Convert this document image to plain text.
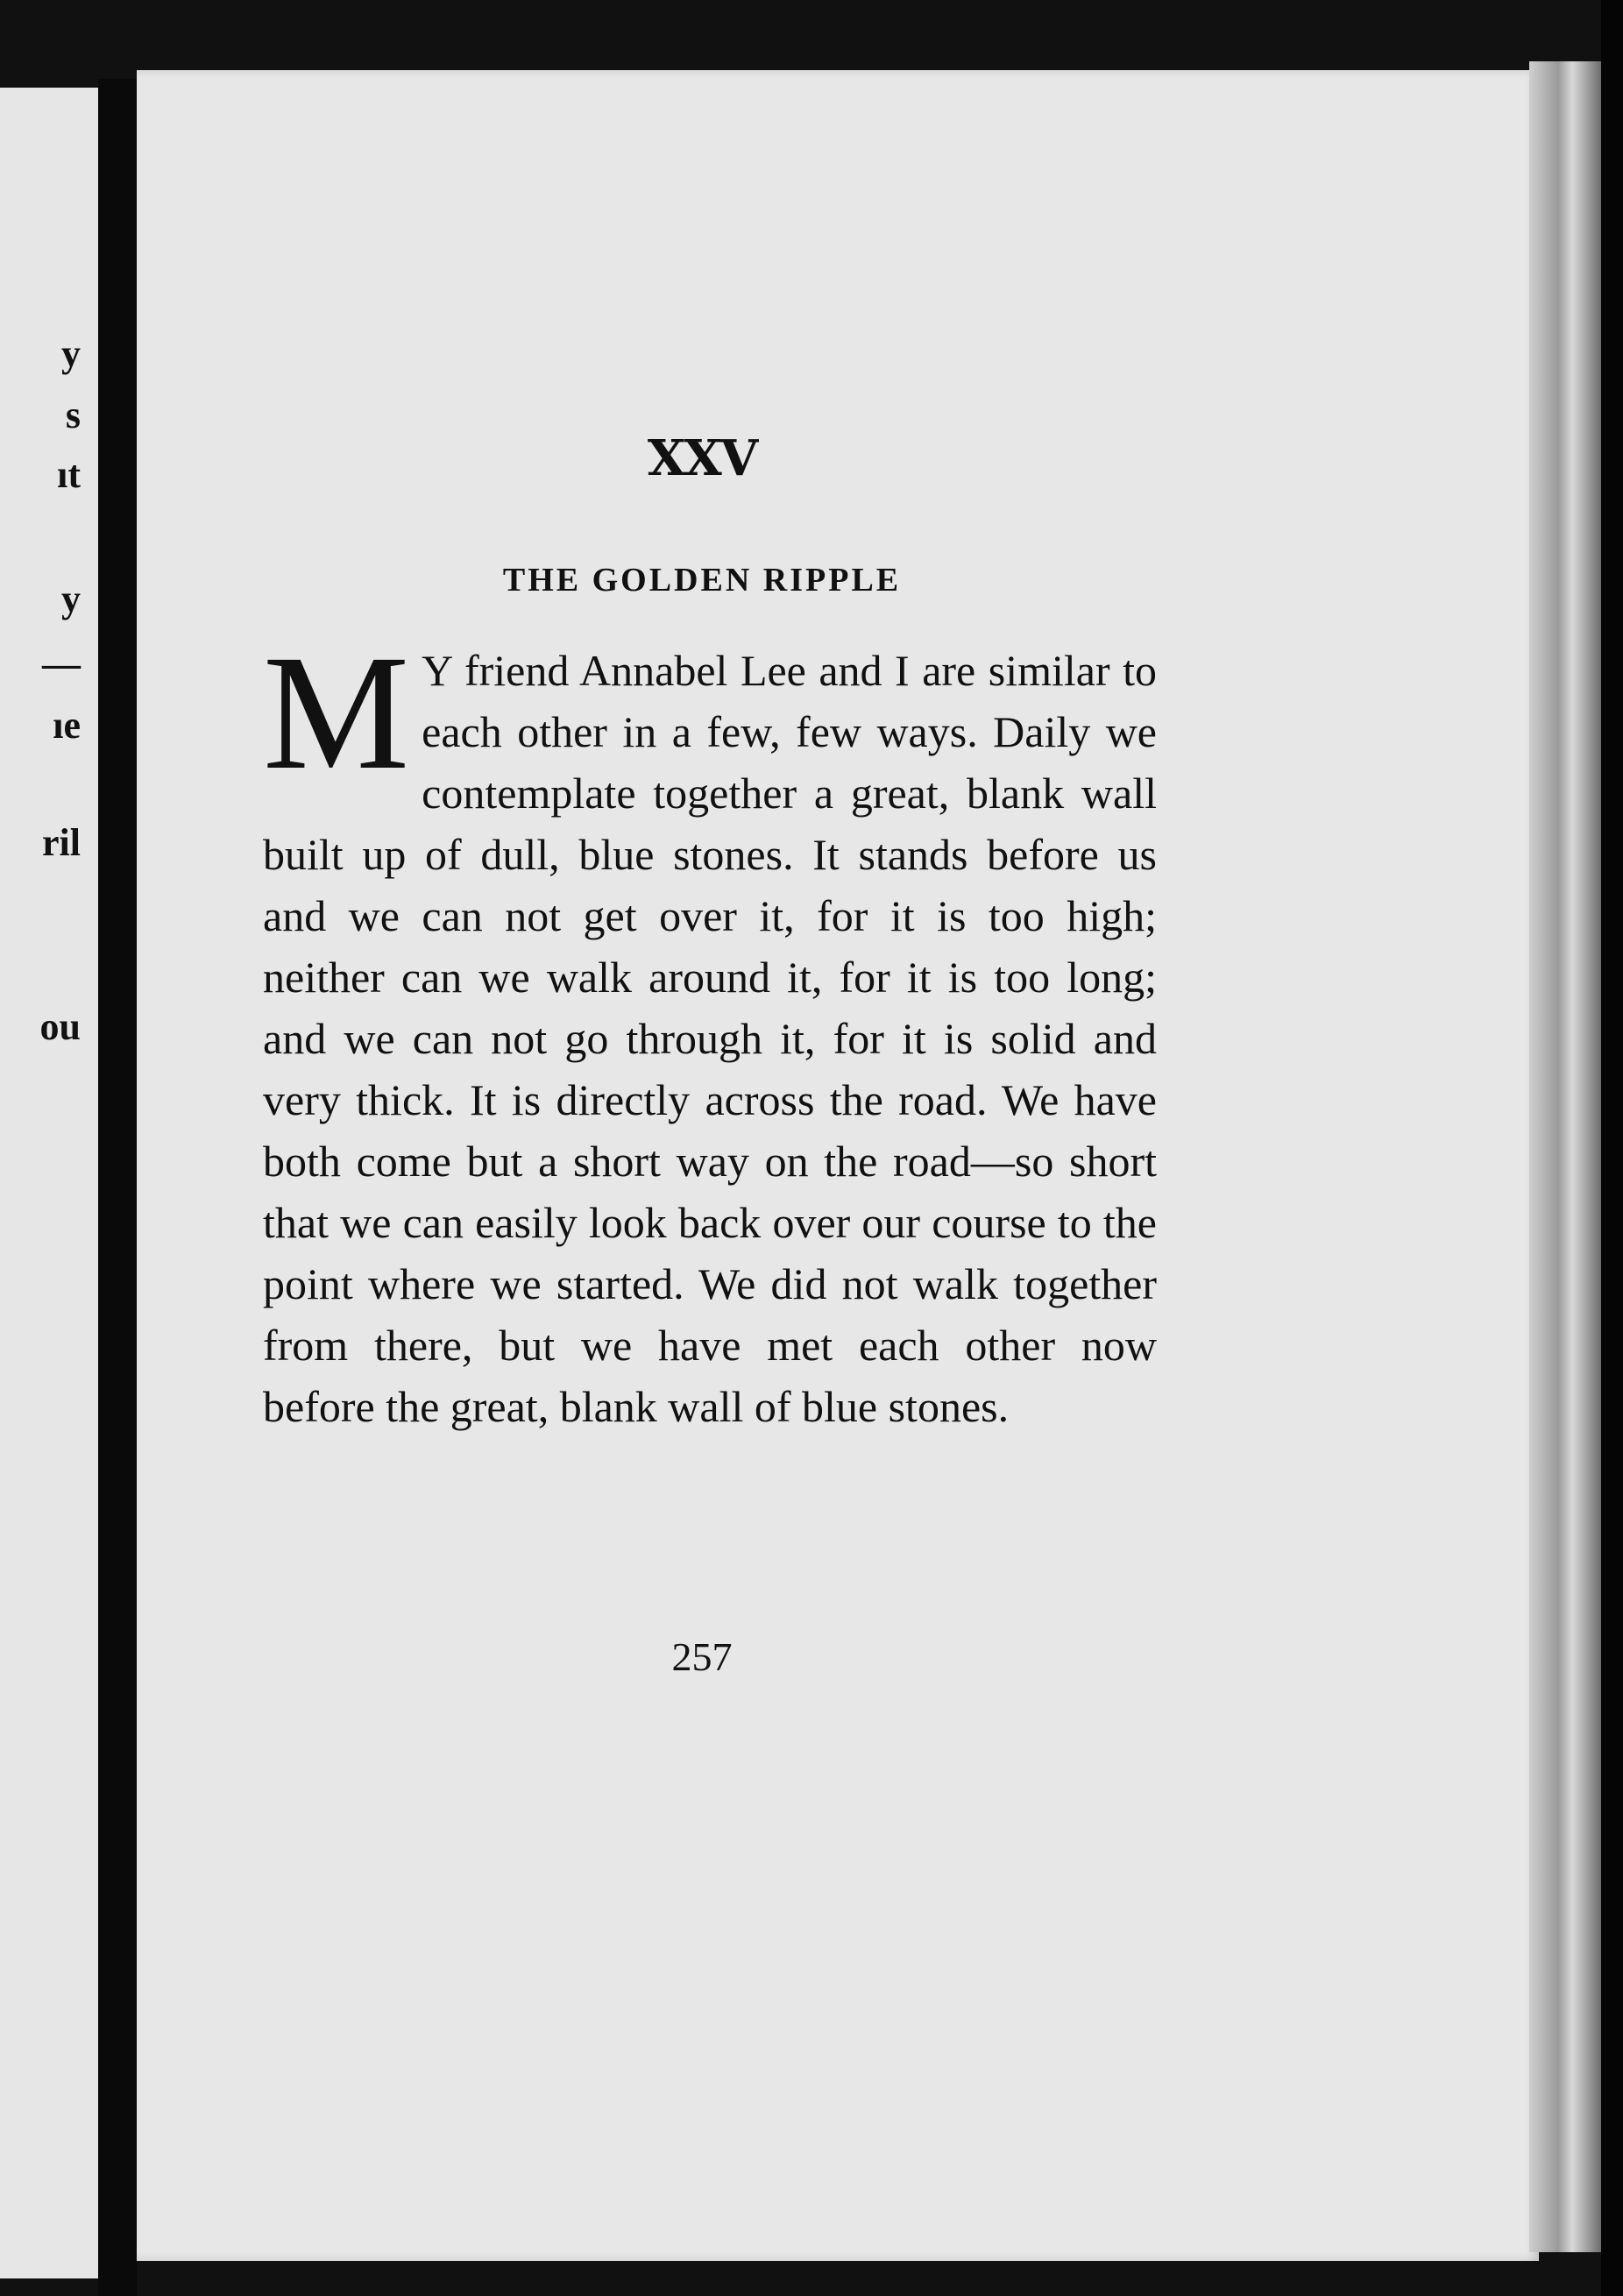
y
s
ıt
y
—
ıe
ril
ou
XXV
THE GOLDEN RIPPLE
M Y friend Annabel Lee and I are similar to each other in a few, few ways. Daily we contemplate together a great, blank wall built up of dull, blue stones. It stands before us and we can not get over it, for it is too high; neither can we walk around it, for it is too long; and we can not go through it, for it is solid and very thick. It is directly across the road. We have both come but a short way on the road—so short that we can easily look back over our course to the point where we started. We did not walk together from there, but we have met each other now before the great, blank wall of blue stones.
257
